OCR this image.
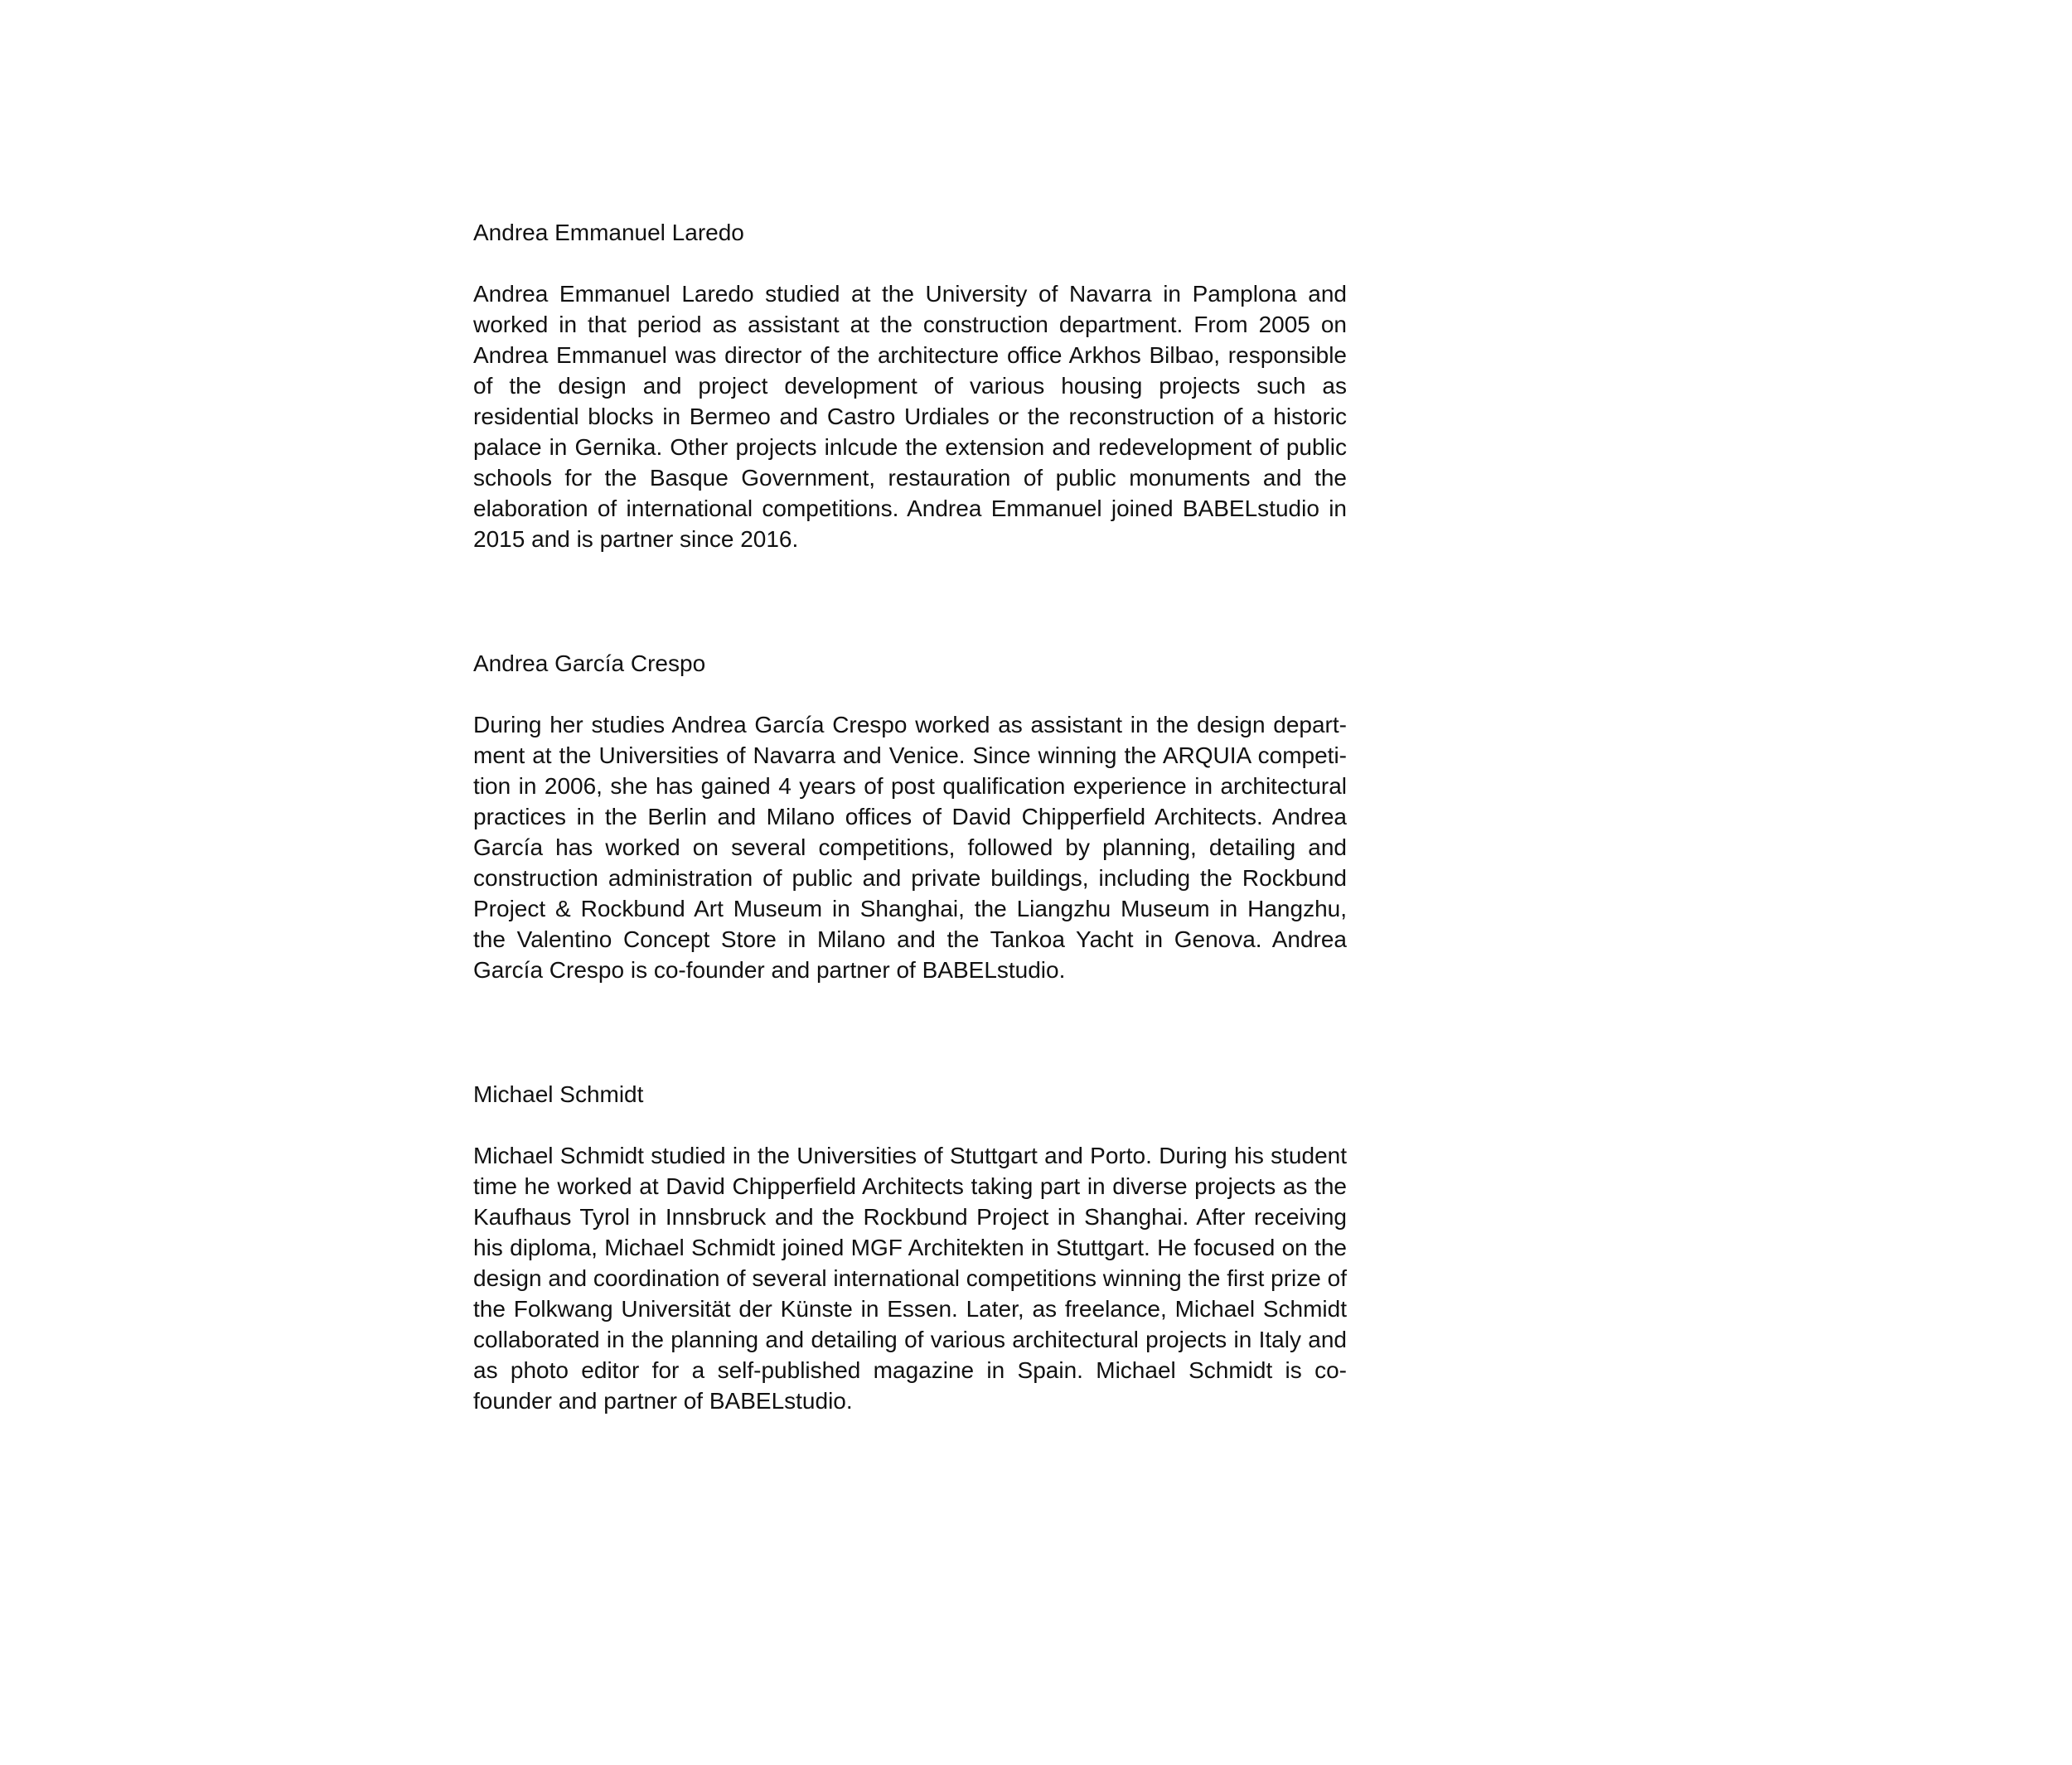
Andrea Emmanuel Laredo

Andrea Emmanuel Laredo studied at the University of Navarra in Pamplona and worked in that period as assistant at the construction department. From 2005 on Andrea Emmanuel was director of the architecture office Arkhos Bilbao, responsible of the design and project development of various housing projects such as residential blocks in Bermeo and Castro Urdiales or the reconstruction of a historic palace in Gernika. Other projects inlcude the extension and redevelopment of public schools for the Basque Government, restauration of public monuments and the elaboration of international competitions. Andrea Emmanuel joined BABELstudio in 2015 and is partner since 2016.

Andrea García Crespo

During her studies Andrea García Crespo worked as assistant in the design department at the Universities of Navarra and Venice. Since winning the ARQUIA competition in 2006, she has gained 4 years of post qualification experience in architectural practices in the Berlin and Milano offices of David Chipperfield Architects. Andrea García has worked on several competitions, followed by planning, detailing and construction administration of public and private buildings, including the Rockbund Project & Rockbund Art Museum in Shanghai, the Liangzhu Museum in Hangzhu, the Valentino Concept Store in Milano and the Tankoa Yacht in Genova. Andrea García Crespo is co-founder and partner of BABELstudio.

Michael Schmidt

Michael Schmidt studied in the Universities of Stuttgart and Porto. During his student time he worked at David Chipperfield Architects taking part in diverse projects as the Kaufhaus Tyrol in Innsbruck and the Rockbund Project in Shanghai. After receiving his diploma, Michael Schmidt joined MGF Architekten in Stuttgart. He focused on the design and coordination of several international competitions winning the first prize of the Folkwang Universität der Künste in Essen. Later, as freelance, Michael Schmidt collaborated in the planning and detailing of various architectural projects in Italy and as photo editor for a self-published magazine in Spain. Michael Schmidt is co-founder and partner of BABELstudio.
